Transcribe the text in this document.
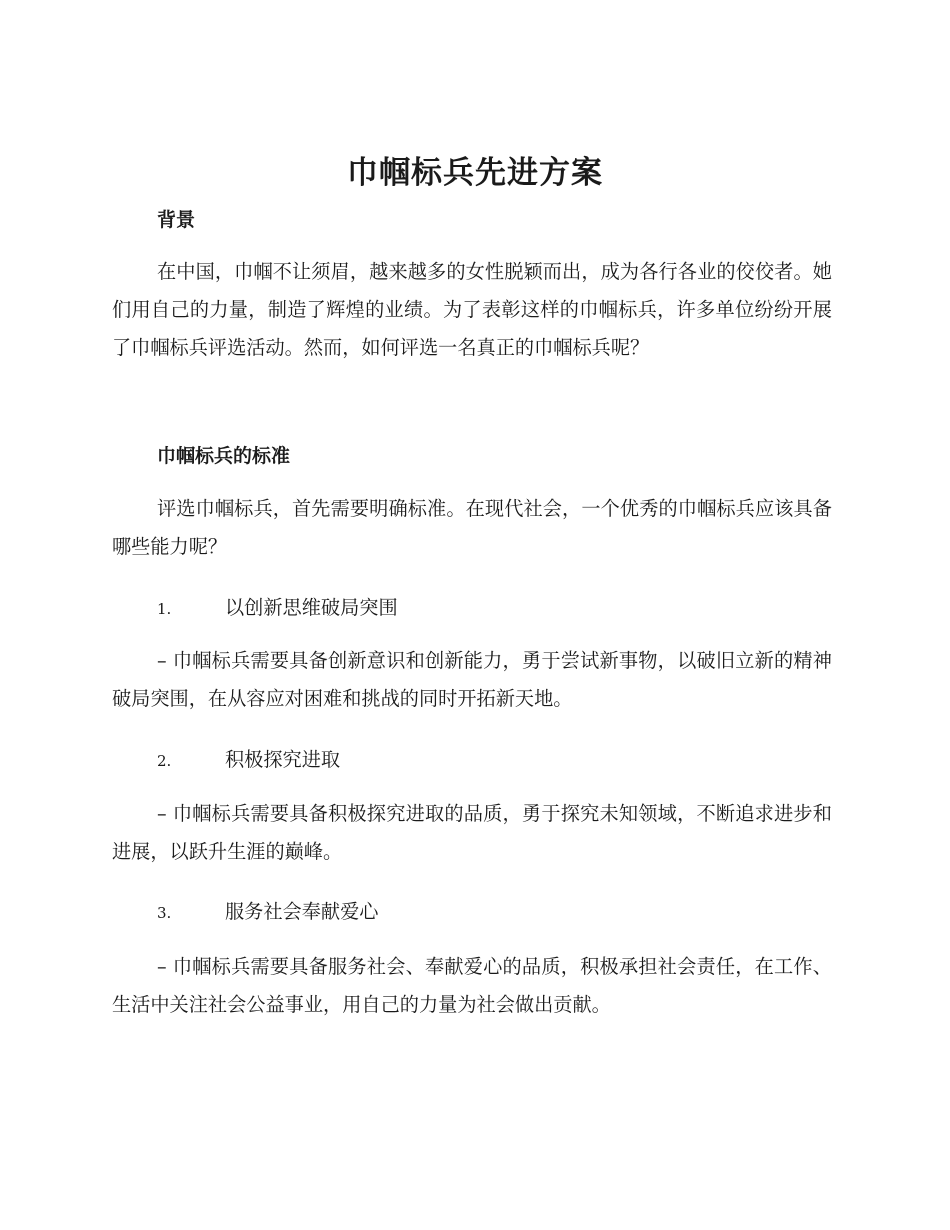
巾帼标兵先进方案
背景

在中国，巾帼不让须眉，越来越多的女性脱颖而出，成为各行各业的佼佼者。她们用自己的力量，制造了辉煌的业绩。为了表彰这样的巾帼标兵，许多单位纷纷开展了巾帼标兵评选活动。然而，如何评选一名真正的巾帼标兵呢？

巾帼标兵的标准

评选巾帼标兵，首先需要明确标准。在现代社会，一个优秀的巾帼标兵应该具备哪些能力呢？

1.	以创新思维破局突围

– 巾帼标兵需要具备创新意识和创新能力，勇于尝试新事物，以破旧立新的精神破局突围，在从容应对困难和挑战的同时开拓新天地。

2.	积极探究进取

– 巾帼标兵需要具备积极探究进取的品质，勇于探究未知领域，不断追求进步和进展，以跃升生涯的巅峰。

3.	服务社会奉献爱心

– 巾帼标兵需要具备服务社会、奉献爱心的品质，积极承担社会责任，在工作、生活中关注社会公益事业，用自己的力量为社会做出贡献。
